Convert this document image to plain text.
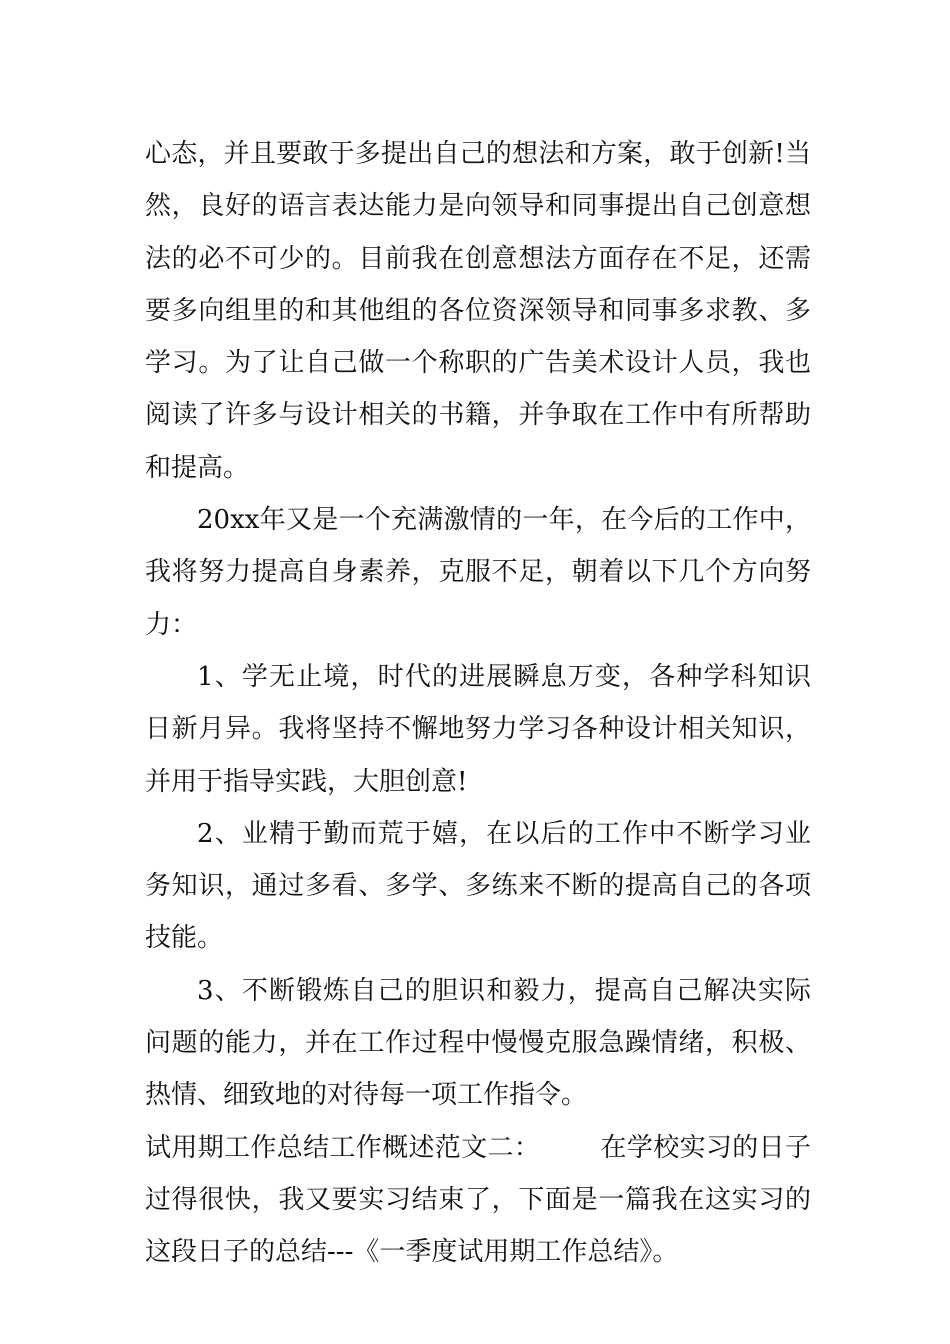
心态，并且要敢于多提出自己的想法和方案，敢于创新!当然，良好的语言表达能力是向领导和同事提出自己创意想法的必不可少的。目前我在创意想法方面存在不足，还需要多向组里的和其他组的各位资深领导和同事多求教、多学习。为了让自己做一个称职的广告美术设计人员，我也阅读了许多与设计相关的书籍，并争取在工作中有所帮助和提高。

20xx年又是一个充满激情的一年，在今后的工作中，我将努力提高自身素养，克服不足，朝着以下几个方向努力：

1、学无止境，时代的进展瞬息万变，各种学科知识日新月异。我将坚持不懈地努力学习各种设计相关知识，并用于指导实践，大胆创意!

2、业精于勤而荒于嬉，在以后的工作中不断学习业务知识，通过多看、多学、多练来不断的提高自己的各项技能。

3、不断锻炼自己的胆识和毅力，提高自己解决实际问题的能力，并在工作过程中慢慢克服急躁情绪，积极、热情、细致地的对待每一项工作指令。

试用期工作总结工作概述范文二： 在学校实习的日子过得很快，我又要实习结束了，下面是一篇我在这实习的这段日子的总结---《一季度试用期工作总结》。
